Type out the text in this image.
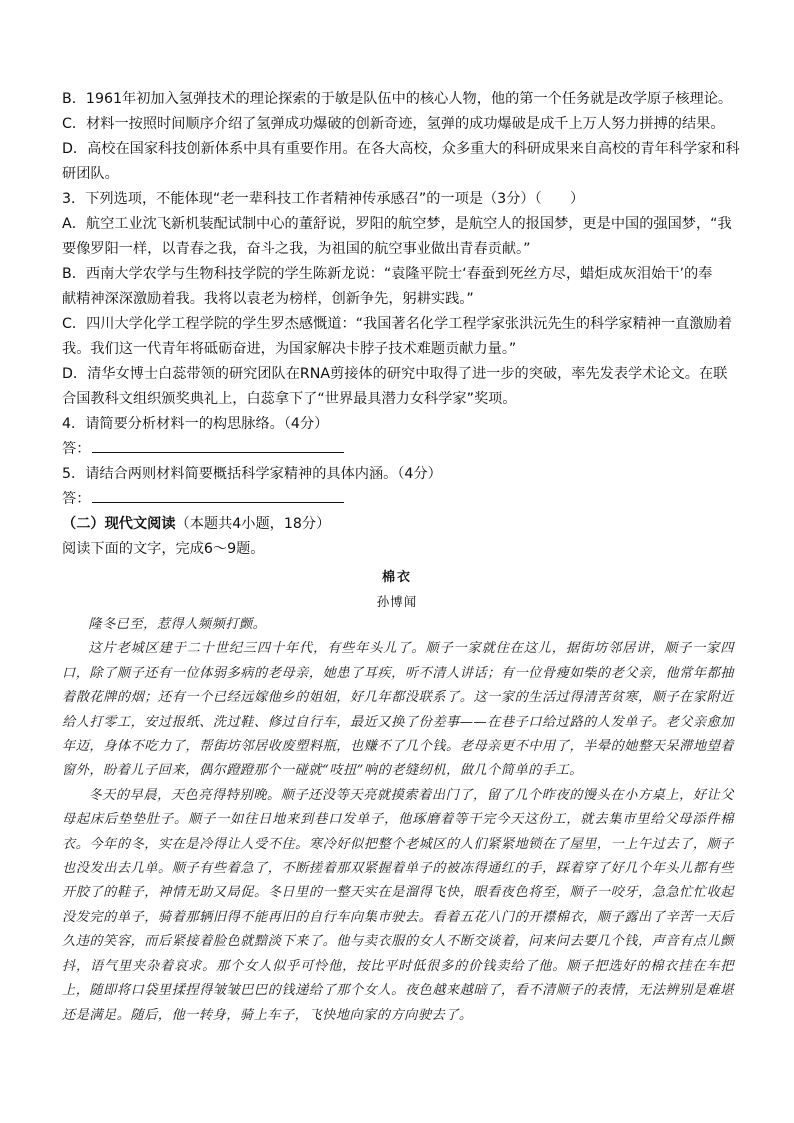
B．1961年初加入氢弹技术的理论探索的于敏是队伍中的核心人物，他的第一个任务就是改学原子核理论。
C．材料一按照时间顺序介绍了氢弹成功爆破的创新奇迹，氢弹的成功爆破是成千上万人努力拼搏的结果。
D．高校在国家科技创新体系中具有重要作用。在各大高校，众多重大的科研成果来自高校的青年科学家和科
研团队。
3．下列选项，不能体现“老一辈科技工作者精神传承感召”的一项是（3分）（　　）
A．航空工业沈飞新机装配试制中心的董舒说，罗阳的航空梦，是航空人的报国梦，更是中国的强国梦，“我
要像罗阳一样，以青春之我，奋斗之我，为祖国的航空事业做出青春贡献。”
B．西南大学农学与生物科技学院的学生陈新龙说：“袁隆平院士‘春蚕到死丝方尽，蜡炬成灰泪始干’的奉
献精神深深激励着我。我将以袁老为榜样，创新争先，躬耕实践。”
C．四川大学化学工程学院的学生罗杰感慨道：“我国著名化学工程学家张洪沅先生的科学家精神一直激励着
我。我们这一代青年将砥砺奋进，为国家解决卡脖子技术难题贡献力量。”
D．清华女博士白蕊带领的研究团队在RNA剪接体的研究中取得了进一步的突破，率先发表学术论文。在联
合国教科文组织颁奖典礼上，白蕊拿下了“世界最具潜力女科学家”奖项。
4．请简要分析材料一的构思脉络。（4分）
答：
5．请结合两则材料简要概括科学家精神的具体内涵。（4分）
答：
（二）现代文阅读（本题共4小题，18分）
阅读下面的文字，完成6～9题。
棉衣
孙博闻

隆冬已至，惹得人频频打颤。

这片老城区建于二十世纪三四十年代，有些年头儿了。顺子一家就住在这儿，据街坊邻居讲，顺子一家四口，除了顺子还有一位体弱多病的老母亲，她患了耳疾，听不清人讲话；有一位骨瘦如柴的老父亲，他常年都抽着散花牌的烟；还有一个已经远嫁他乡的姐姐，好几年都没联系了。这一家的生活过得清苦贫寒，顺子在家附近给人打零工，安过报纸、洗过鞋、修过自行车，最近又换了份差事——在巷子口给过路的人发单子。老父亲愈加年迈，身体不吃力了，帮街坊邻居收废塑料瓶，也赚不了几个钱。老母亲更不中用了，半晕的她整天呆滞地望着窗外，盼着儿子回来，偶尔蹬蹬那个一碰就“吱扭”响的老缝纫机，做几个简单的手工。

冬天的早晨，天色亮得特别晚。顺子还没等天亮就摸索着出门了，留了几个昨夜的馒头在小方桌上，好让父母起床后垫垫肚子。顺子一如往日地来到巷口发单子，他琢磨着等干完今天这份工，就去集市里给父母添件棉衣。今年的冬，实在是冷得让人受不住。寒冷好似把整个老城区的人们紧紧地锁在了屋里，一上午过去了，顺子也没发出去几单。顺子有些着急了，不断搓着那双紧握着单子的被冻得通红的手，踩着穿了好几个年头儿都有些开胶了的鞋子，神情无助又局促。冬日里的一整天实在是溜得飞快，眼看夜色将至，顺子一咬牙，急急忙忙收起没发完的单子，骑着那辆旧得不能再旧的自行车向集市驶去。看着五花八门的开襟棉衣，顺子露出了辛苦一天后久违的笑容，而后紧接着脸色就黯淡下来了。他与卖衣服的女人不断交谈着，问来问去要几个钱，声音有点儿颤抖，语气里夹杂着哀求。那个女人似乎可怜他，按比平时低很多的价钱卖给了他。顺子把选好的棉衣挂在车把上，随即将口袋里揉捏得皱皱巴巴的钱递给了那个女人。夜色越来越暗了，看不清顺子的表情，无法辨别是难堪还是满足。随后，他一转身，骑上车子，飞快地向家的方向驶去了。
